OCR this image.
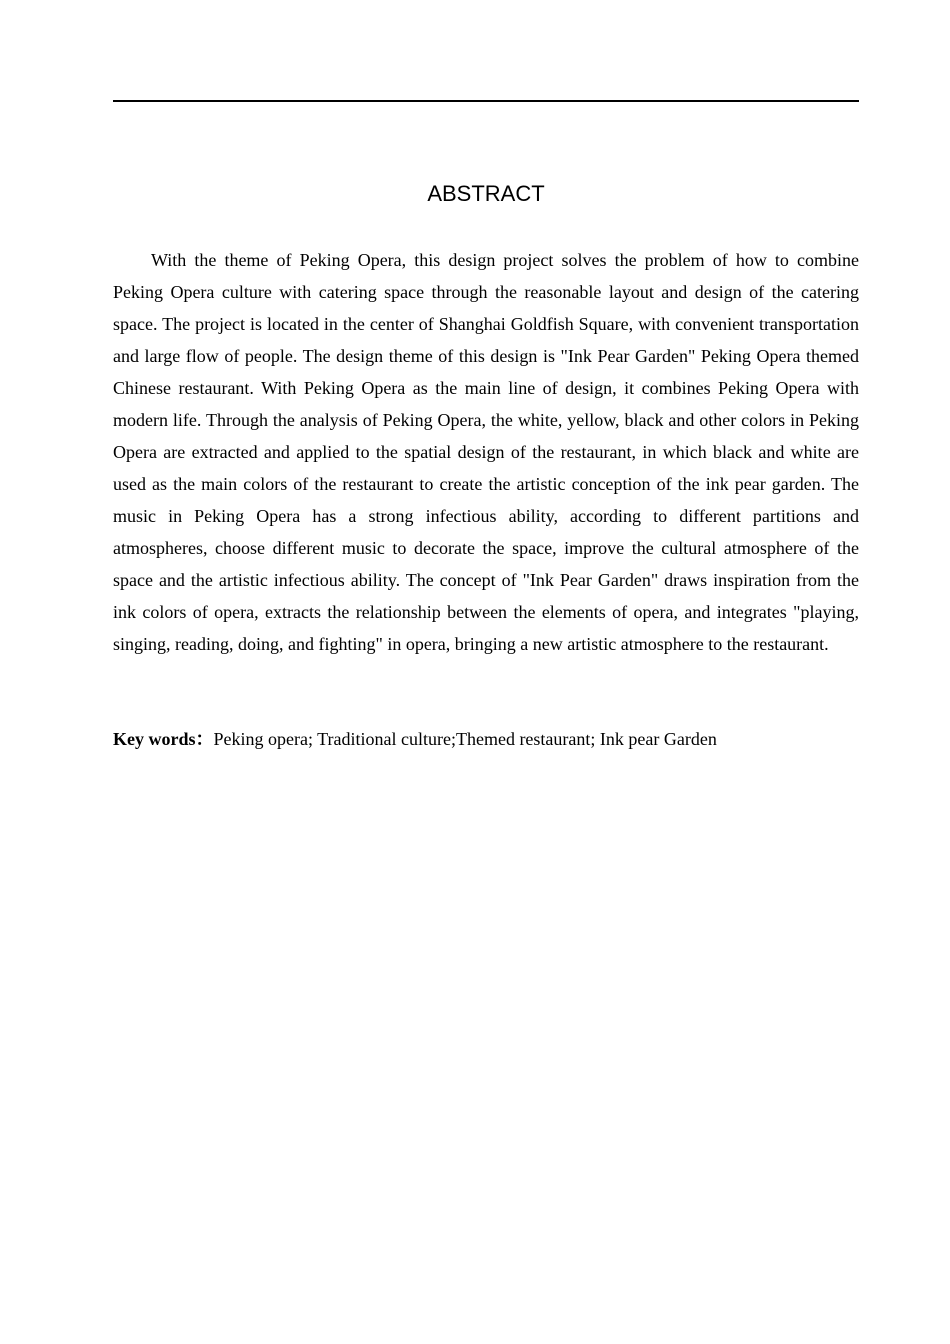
ABSTRACT

With the theme of Peking Opera, this design project solves the problem of how to combine Peking Opera culture with catering space through the reasonable layout and design of the catering space. The project is located in the center of Shanghai Goldfish Square, with convenient transportation and large flow of people. The design theme of this design is "Ink Pear Garden" Peking Opera themed Chinese restaurant. With Peking Opera as the main line of design, it combines Peking Opera with modern life. Through the analysis of Peking Opera, the white, yellow, black and other colors in Peking Opera are extracted and applied to the spatial design of the restaurant, in which black and white are used as the main colors of the restaurant to create the artistic conception of the ink pear garden. The music in Peking Opera has a strong infectious ability, according to different partitions and atmospheres, choose different music to decorate the space, improve the cultural atmosphere of the space and the artistic infectious ability. The concept of "Ink Pear Garden" draws inspiration from the ink colors of opera, extracts the relationship between the elements of opera, and integrates "playing, singing, reading, doing, and fighting" in opera, bringing a new artistic atmosphere to the restaurant.

Key words：Peking opera; Traditional culture;Themed restaurant; Ink pear Garden
